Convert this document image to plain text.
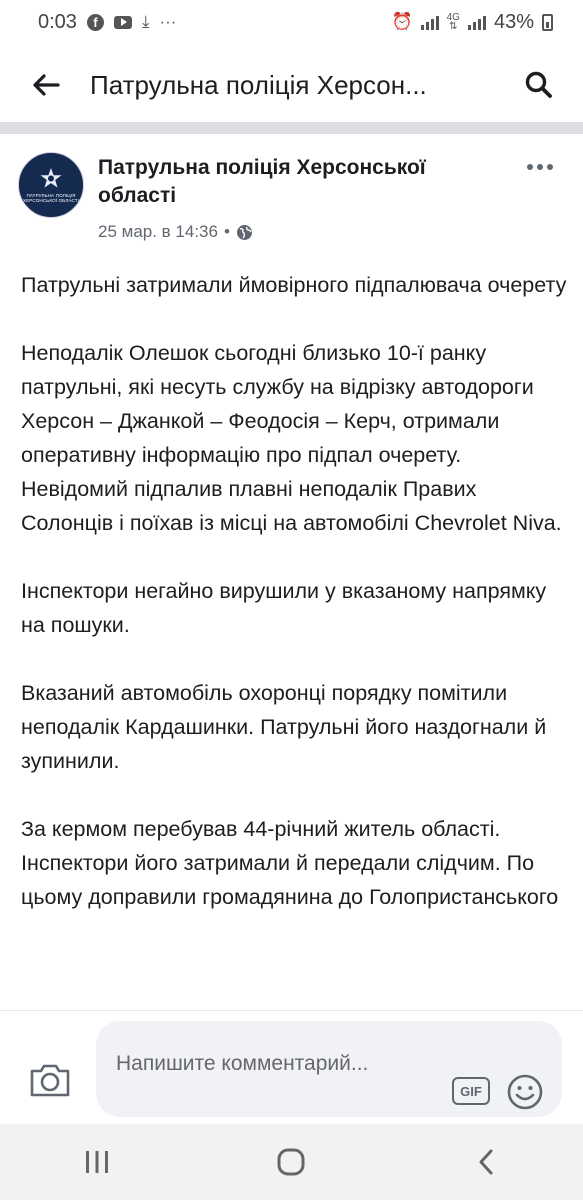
0:03	f	⤓ ···	⏰	4G
⇅ 43%
Патрульна поліція Херсон...
ПАТРУЛЬНА ПОЛІЦІЯ ХЕРСОНСЬКОЇ ОБЛАСТІ
Патрульна поліція Херсонської області
25 мар. в 14:36 •

Патрульні затримали ймовірного підпалювача очерету

Неподалік Олешок сьогодні близько 10-ї ранку патрульні, які несуть службу на відрізку автодороги Херсон – Джанкой – Феодосія – Керч, отримали оперативну інформацію про підпал очерету. Невідомий підпалив плавні неподалік Правих Солонців і поїхав із місці на автомобілі Chevrolet Niva.

Інспектори негайно вирушили у вказаному напрямку на пошуки.

Вказаний автомобіль охоронці порядку помітили неподалік Кардашинки. Патрульні його наздогнали й зупинили.

За кермом перебував 44-річний житель області. Інспектори його затримали й передали слідчим. По цьому доправили громадянина до Голопристанського

Напишите комментарий...
GIF
